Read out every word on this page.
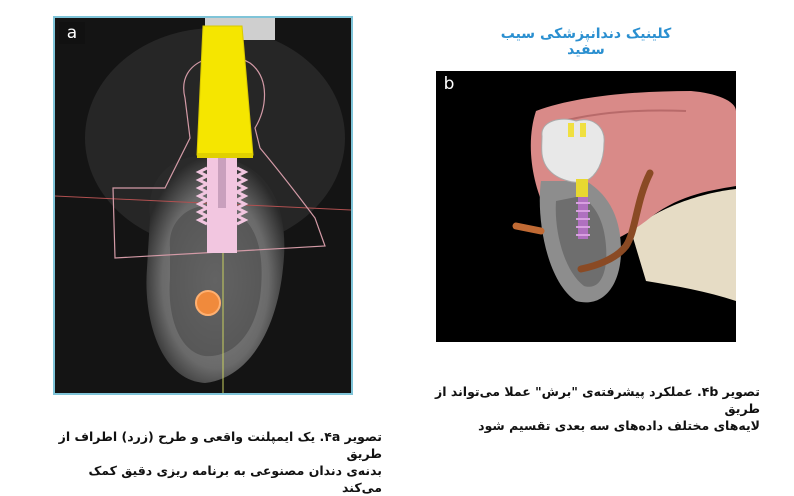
کلینیک دندانپزشکی سیب سفید
a
b
تصویر ۴b. عملکرد پیشرفته‌ی "برش" عملا می‌تواند از طریق
لایه‌های مختلف داده‌های سه بعدی تقسیم شود
تصویر ۴a. یک ایمپلنت واقعی و طرح (زرد) اطراف از طریق
بدنه‌ی دندان مصنوعی به برنامه ریزی دقیق کمک می‌کند
